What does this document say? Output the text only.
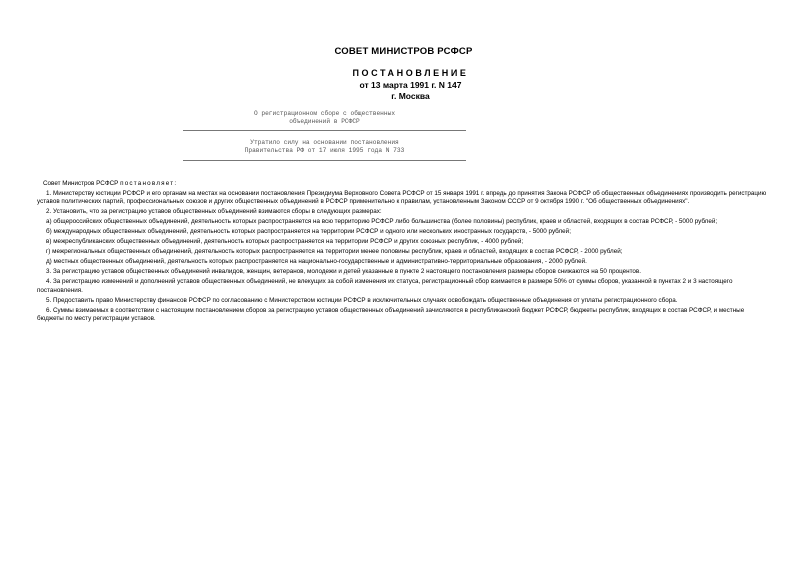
СОВЕТ МИНИСТРОВ РСФСР
ПОСТАНОВЛЕНИЕ
от 13 марта 1991 г. N 147
г. Москва
О регистрационном сборе с общественных
объединений в РСФСР
Утратило силу на основании постановления
Правительства РФ от 17 июля 1995 года N 733

Совет Министров РСФСР постановляет:

1. Министерству юстиции РСФСР и его органам на местах на основании постановления Президиума Верховного Совета РСФСР от 15 января 1991 г. впредь до принятия Закона РСФСР об общественных объединениях производить регистрацию уставов политических партий, профессиональных союзов и других общественных объединений в РСФСР применительно к правилам, установленным Законом СССР от 9 октября 1990 г. "Об общественных объединениях".

2. Установить, что за регистрацию уставов общественных объединений взимаются сборы в следующих размерах:

а) общероссийских общественных объединений, деятельность которых распространяется на всю территорию РСФСР либо большинства (более половины) республик, краев и областей, входящих в состав РСФСР, - 5000 рублей;

б) международных общественных объединений, деятельность которых распространяется на территории РСФСР и одного или нескольких иностранных государств, - 5000 рублей;

в) межреспубликанских общественных объединений, деятельность которых распространяется на территории РСФСР и других союзных республик, - 4000 рублей;

г) межрегиональных общественных объединений, деятельность которых распространяется на территории менее половины республик, краев и областей, входящих в состав РСФСР, - 2000 рублей;

д) местных общественных объединений, деятельность которых распространяется на национально-государственные и административно-территориальные образования, - 2000 рублей.

3. За регистрацию уставов общественных объединений инвалидов, женщин, ветеранов, молодежи и детей указанные в пункте 2 настоящего постановления размеры сборов снижаются на 50 процентов.

4. За регистрацию изменений и дополнений уставов общественных объединений, не влекущих за собой изменения их статуса, регистрационный сбор взимается в размере 50% от суммы сборов, указанной в пунктах 2 и 3 настоящего постановления.

5. Предоставить право Министерству финансов РСФСР по согласованию с Министерством юстиции РСФСР в исключительных случаях освобождать общественные объединения от уплаты регистрационного сбора.

6. Суммы взимаемых в соответствии с настоящим постановлением сборов за регистрацию уставов общественных объединений зачисляются в республиканский бюджет РСФСР, бюджеты республик, входящих в состав РСФСР, и местные бюджеты по месту регистрации уставов.
